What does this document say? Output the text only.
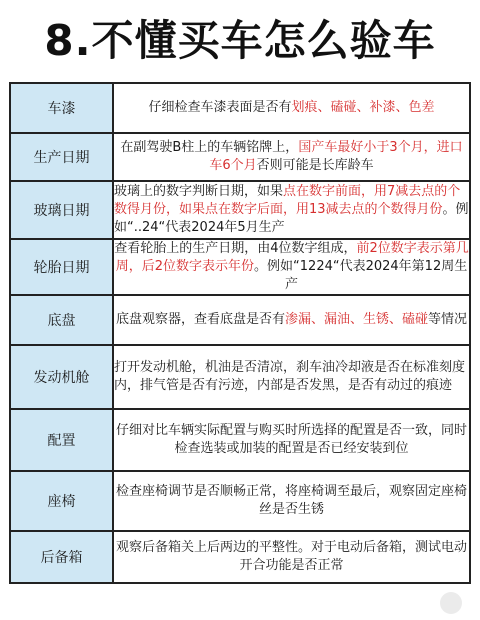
8.不懂买车怎么验车
车漆	仔细检查车漆表面是否有划痕、磕碰、补漆、色差
生产日期	在副驾驶B柱上的车辆铭牌上，国产车最好小于3个月，进口车6个月否则可能是长库龄车
玻璃日期	玻璃上的数字判断日期，如果点在数字前面，用7减去点的个数得月份，如果点在数字后面，用13减去点的个数得月份。例如“..24“代表2024年5月生产
轮胎日期	查看轮胎上的生产日期，由4位数字组成，前2位数字表示第几周，后2位数字表示年份。例如“1224“代表2024年第12周生产
底盘	底盘观察器，查看底盘是否有渗漏、漏油、生锈、磕碰等情况
发动机舱	打开发动机舱，机油是否清凉，刹车油冷却液是否在标准刻度内，排气管是否有污迹，内部是否发黑，是否有动过的痕迹
配置	仔细对比车辆实际配置与购买时所选择的配置是否一致，同时检查选装或加装的配置是否已经安装到位
座椅	检查座椅调节是否顺畅正常，将座椅调至最后，观察固定座椅丝是否生锈
后备箱	观察后备箱关上后两边的平整性。对于电动后备箱，测试电动开合功能是否正常
